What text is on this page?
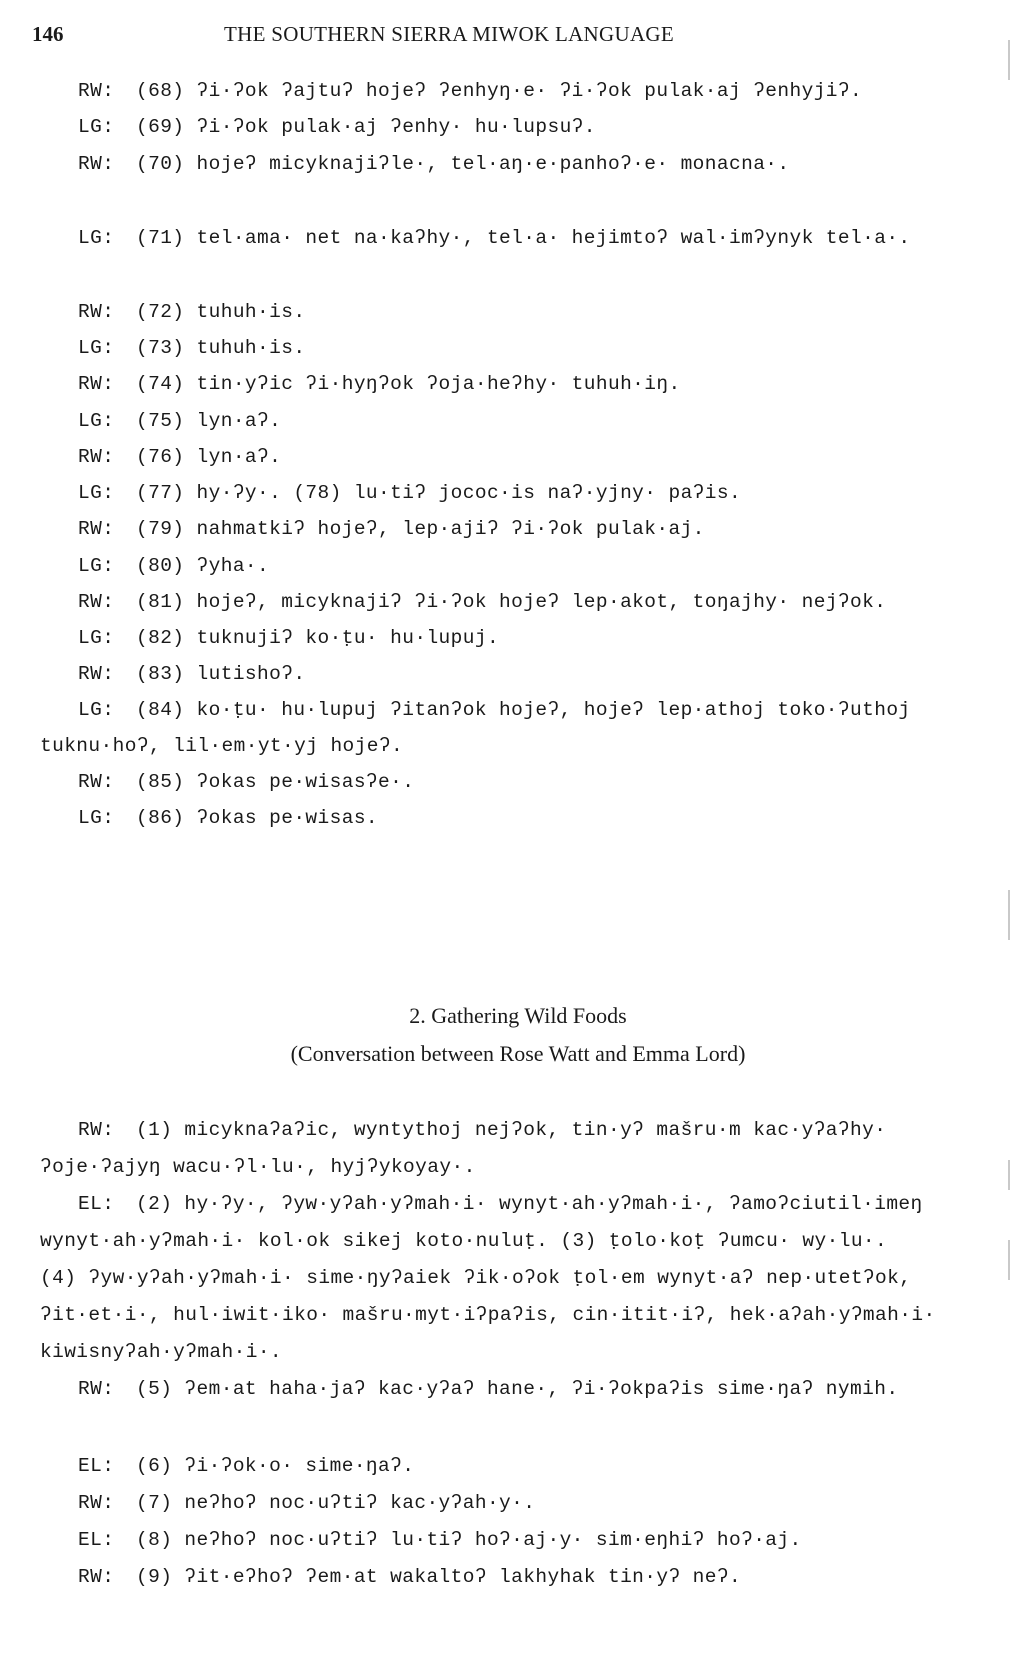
146	THE SOUTHERN SIERRA MIWOK LANGUAGE
RW: (68) ʔi·ʔok ʔajtuʔ hojeʔ ʔenhyŋ·e· ʔi·ʔok pulak·aj ʔenhyjiʔ.
LG: (69) ʔi·ʔok pulak·aj ʔenhy· hu·lupsuʔ.
RW: (70) hojeʔ micyknajiʔle·, tel·aŋ·e·panhoʔ·e· monacna·.
LG: (71) tel·ama· net na·kaʔhy·, tel·a· hejimtoʔ wal·imʔynyk tel·a·.
RW: (72) tuhuh·is.
LG: (73) tuhuh·is.
RW: (74) tin·yʔic ʔi·hyŋʔok ʔoja·heʔhy· tuhuh·iŋ.
LG: (75) lyn·aʔ.
RW: (76) lyn·aʔ.
LG: (77) hy·ʔy·. (78) lu·tiʔ jococ·is naʔ·yjny· paʔis.
RW: (79) nahmatkiʔ hojeʔ, lep·ajiʔ ʔi·ʔok pulak·aj.
LG: (80) ʔyha·.
RW: (81) hojeʔ, micyknajiʔ ʔi·ʔok hojeʔ lep·akot, toŋajhy· nejʔok.
LG: (82) tuknujiʔ ko·ṭu· hu·lupuj.
RW: (83) lutishoʔ.
LG: (84) ko·ṭu· hu·lupuj ʔitanʔok hojeʔ, hojeʔ lep·athoj toko·ʔuthoj
tuknu·hoʔ, lil·em·yt·yj hojeʔ.
RW: (85) ʔokas pe·wisasʔe·.
LG: (86) ʔokas pe·wisas.
2. Gathering Wild Foods
(Conversation between Rose Watt and Emma Lord)
RW: (1) micyknaʔaʔic, wyntythoj nejʔok, tin·yʔ mašru·m kac·yʔaʔhy·
ʔoje·ʔajyŋ wacu·ʔl·lu·, hyjʔykoyay·.
EL: (2) hy·ʔy·, ʔyw·yʔah·yʔmah·i· wynyt·ah·yʔmah·i·, ʔamoʔciutil·imeŋ
wynyt·ah·yʔmah·i· kol·ok sikej koto·nuluṭ. (3) ṭolo·koṭ ʔumcu· wy·lu·.
(4) ʔyw·yʔah·yʔmah·i· sime·ŋyʔaiek ʔik·oʔok ṭol·em wynyt·aʔ nep·utetʔok,
ʔit·et·i·, hul·iwit·iko· mašru·myt·iʔpaʔis, cin·itit·iʔ, hek·aʔah·yʔmah·i·
kiwisnyʔah·yʔmah·i·.
RW: (5) ʔem·at haha·jaʔ kac·yʔaʔ hane·, ʔi·ʔokpaʔis sime·ŋaʔ nymih.
EL: (6) ʔi·ʔok·o· sime·ŋaʔ.
RW: (7) neʔhoʔ noc·uʔtiʔ kac·yʔah·y·.
EL: (8) neʔhoʔ noc·uʔtiʔ lu·tiʔ hoʔ·aj·y· sim·eŋhiʔ hoʔ·aj.
RW: (9) ʔit·eʔhoʔ ʔem·at wakaltoʔ lakhyhak tin·yʔ neʔ.
